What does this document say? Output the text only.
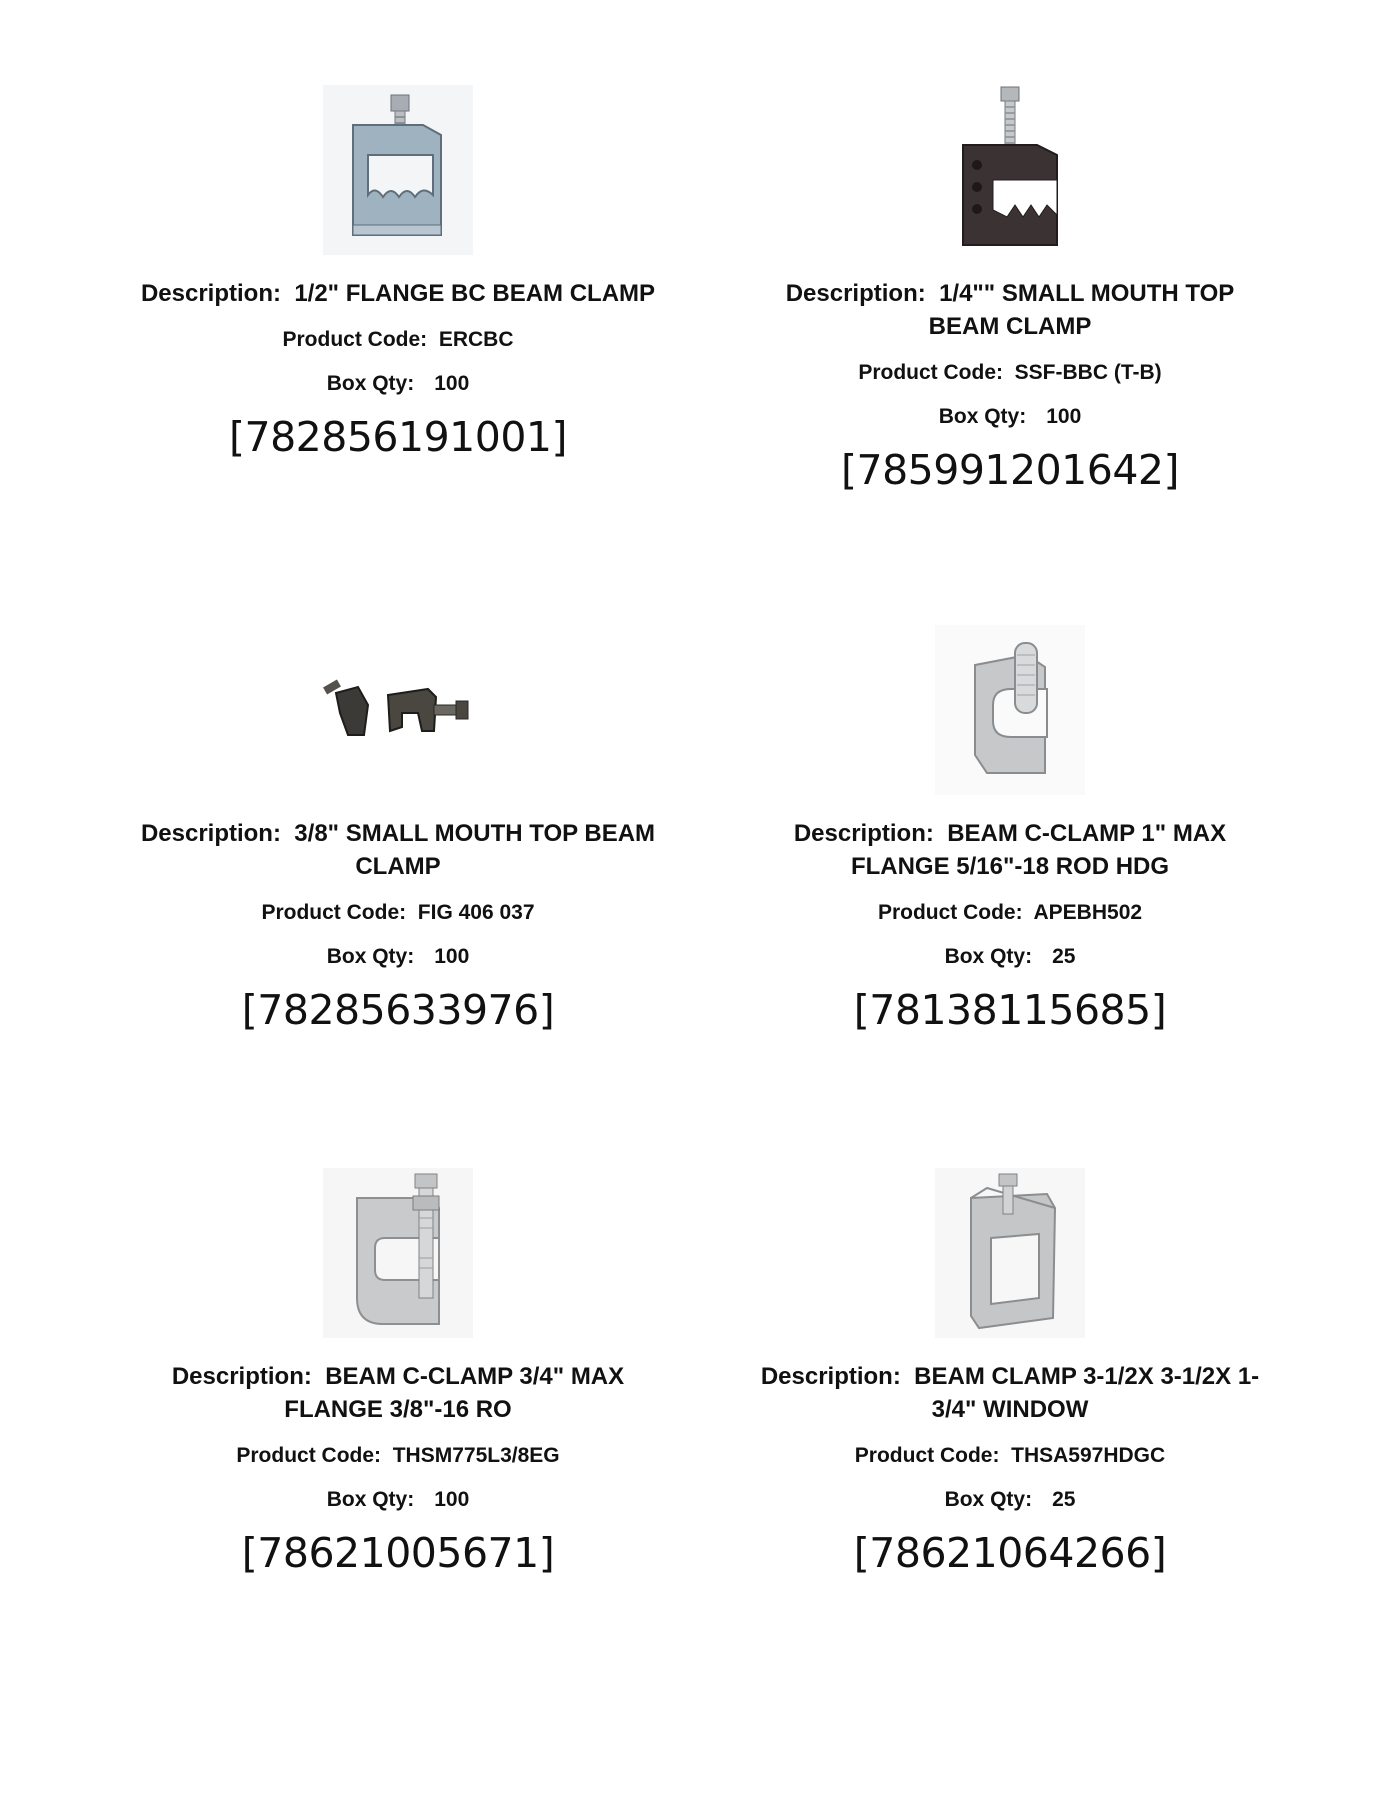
Description: 1/2" FLANGE BC BEAM CLAMP
Product Code: ERCBC
Box Qty: 100
[782856191001]
Description: 1/4"" SMALL MOUTH TOP BEAM CLAMP
Product Code: SSF-BBC (T-B)
Box Qty: 100
[785991201642]
Description: 3/8" SMALL MOUTH TOP BEAM CLAMP
Product Code: FIG 406 037
Box Qty: 100
[78285633976]
Description: BEAM C-CLAMP 1" MAX FLANGE 5/16"-18 ROD HDG
Product Code: APEBH502
Box Qty: 25
[78138115685]
Description: BEAM C-CLAMP 3/4" MAX FLANGE 3/8"-16 RO
Product Code: THSM775L3/8EG
Box Qty: 100
[78621005671]
Description: BEAM CLAMP 3-1/2X 3-1/2X 1-3/4" WINDOW
Product Code: THSA597HDGC
Box Qty: 25
[78621064266]
